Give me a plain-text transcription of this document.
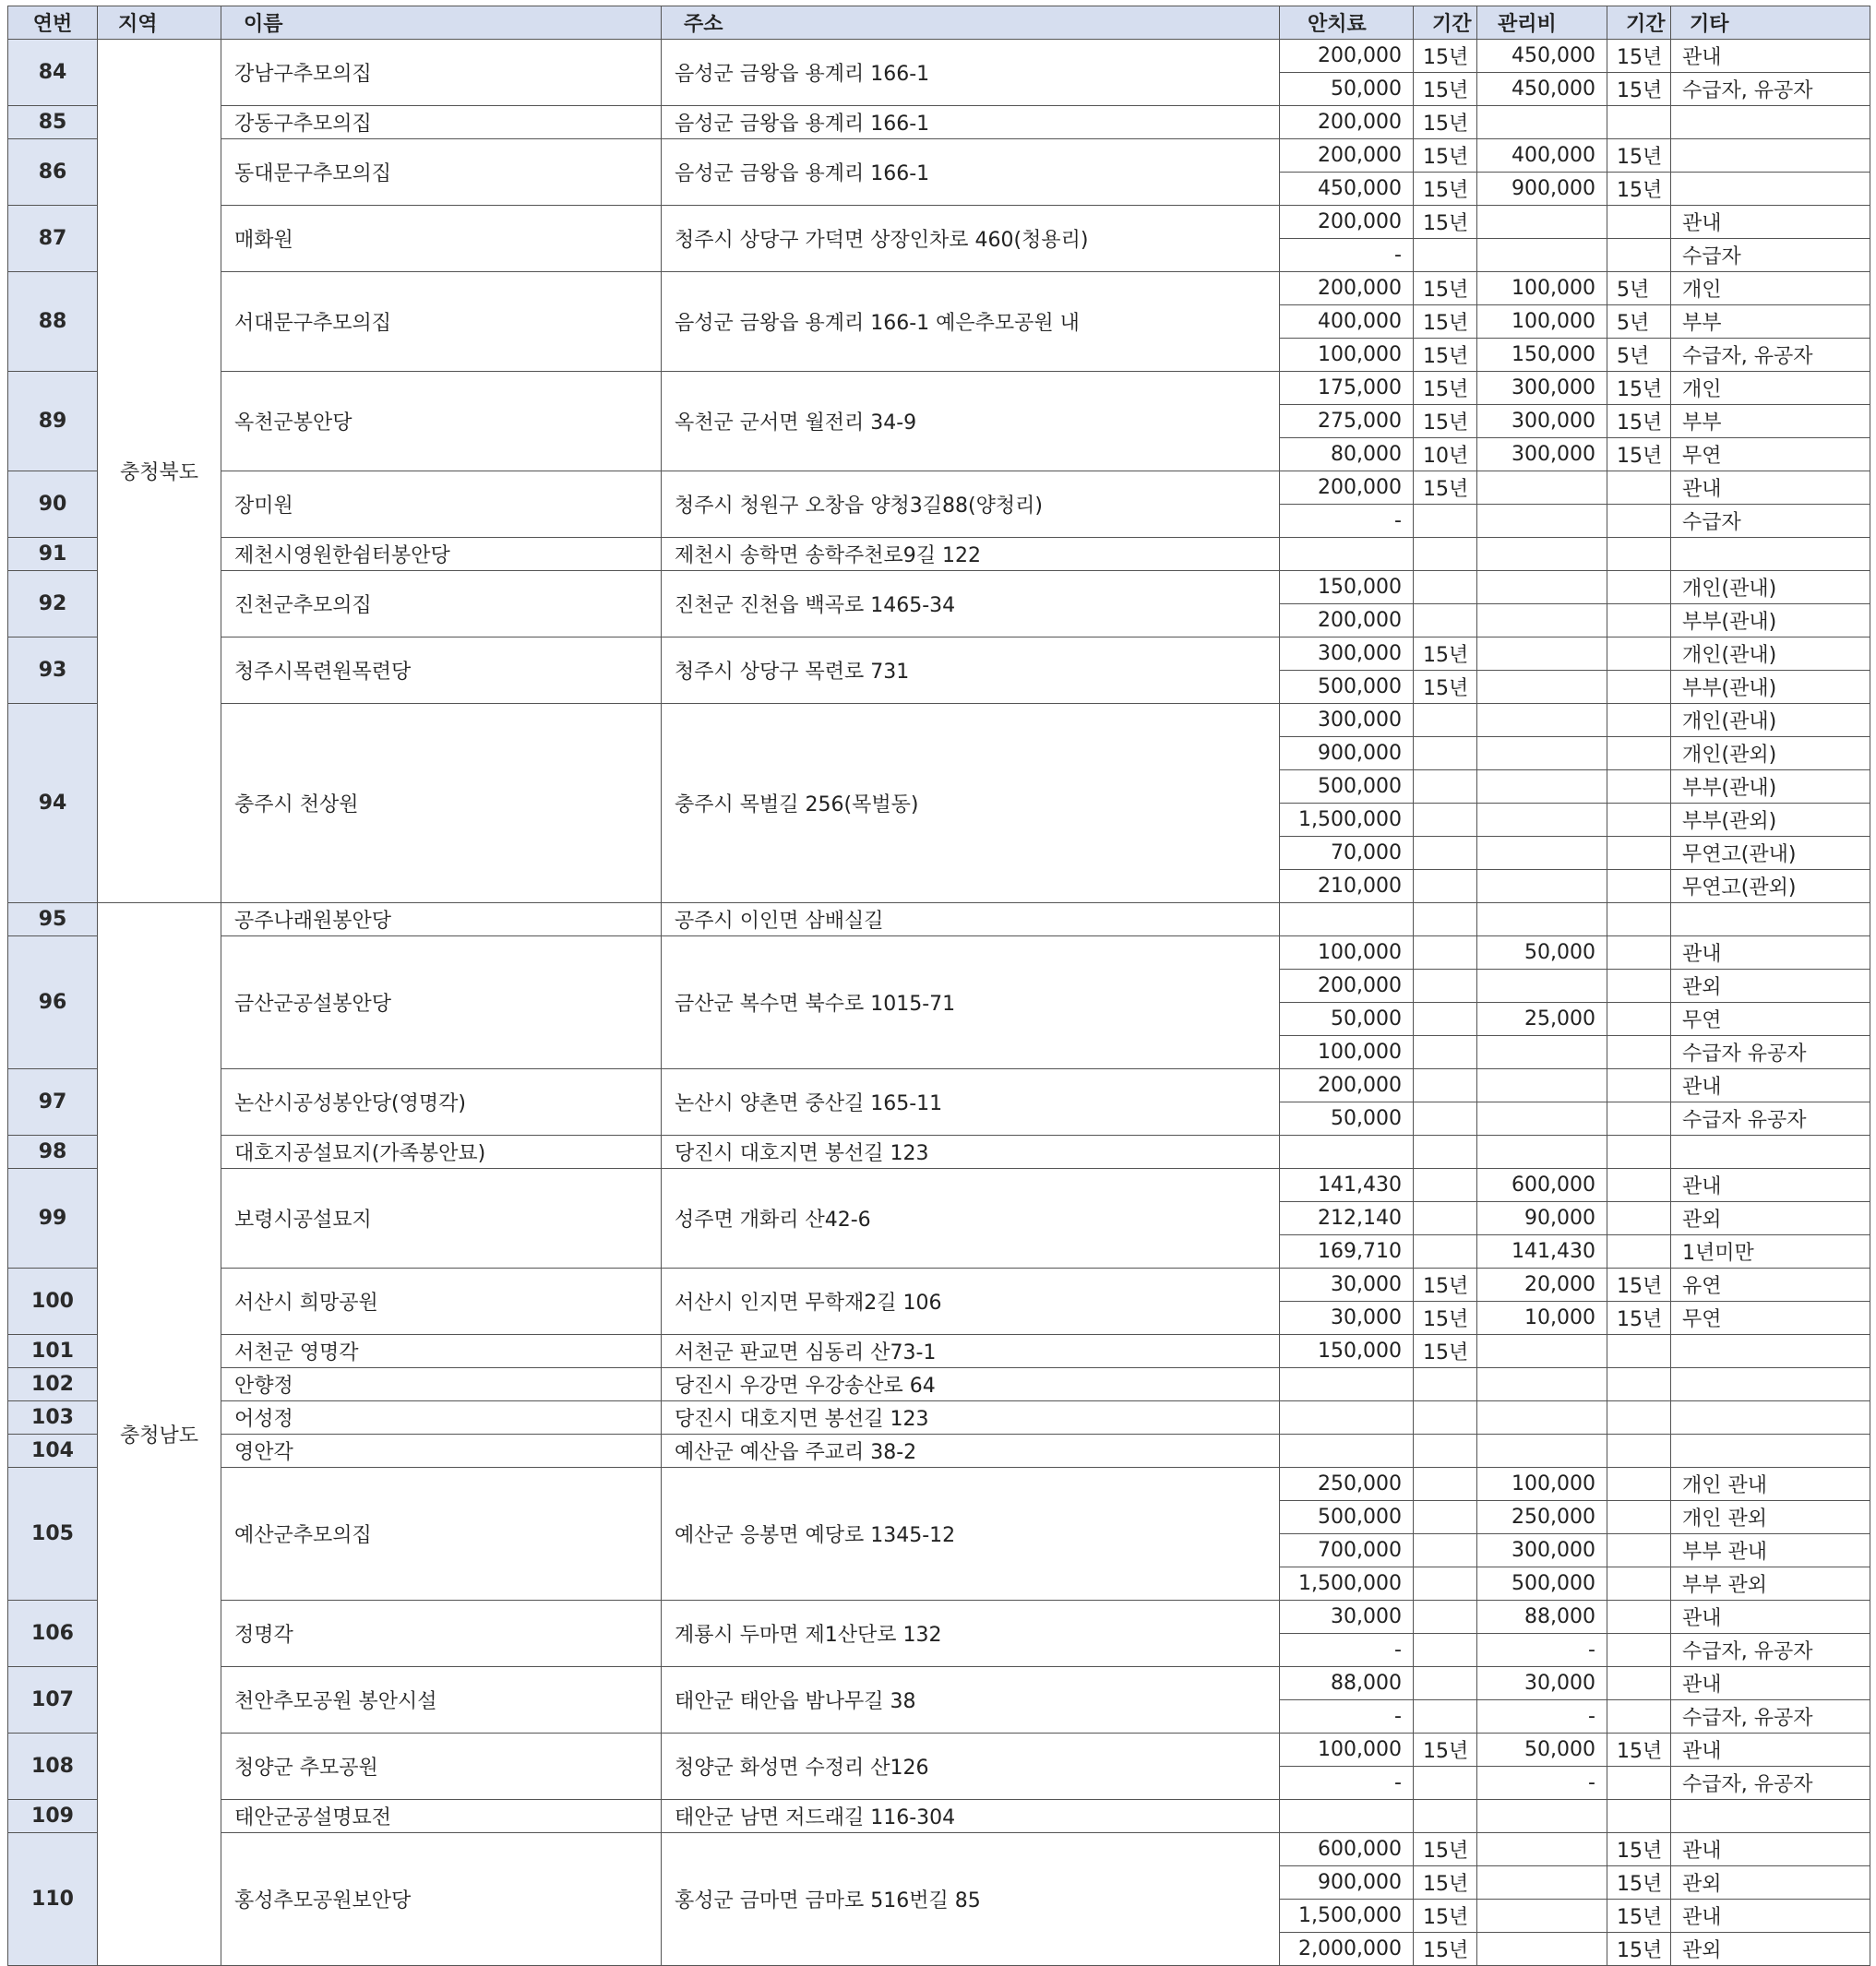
연번	지역	이름	주소	안치료	기간	관리비	기간	기타
84	충청북도	강남구추모의집	음성군 금왕읍 용계리 166-1	200,000	15년	450,000	15년	관내
				50,000	15년	450,000	15년	수급자, 유공자
85		강동구추모의집	음성군 금왕읍 용계리 166-1	200,000	15년			
86		동대문구추모의집	음성군 금왕읍 용계리 166-1	200,000	15년	400,000	15년	
				450,000	15년	900,000	15년	
87		매화원	청주시 상당구 가덕면 상장인차로 460(청용리)	200,000	15년			관내
				-				수급자
88		서대문구추모의집	음성군 금왕읍 용계리 166-1 예은추모공원 내	200,000	15년	100,000	5년	개인
				400,000	15년	100,000	5년	부부
				100,000	15년	150,000	5년	수급자, 유공자
89		옥천군봉안당	옥천군 군서면 월전리 34-9	175,000	15년	300,000	15년	개인
				275,000	15년	300,000	15년	부부
				80,000	10년	300,000	15년	무연
90		장미원	청주시 청원구 오창읍 양청3길88(양청리)	200,000	15년			관내
				-				수급자
91		제천시영원한쉼터봉안당	제천시 송학면 송학주천로9길 122					
92		진천군추모의집	진천군 진천읍 백곡로 1465-34	150,000				개인(관내)
				200,000				부부(관내)
93		청주시목련원목련당	청주시 상당구 목련로 731	300,000	15년			개인(관내)
				500,000	15년			부부(관내)
94		충주시 천상원	충주시 목벌길 256(목벌동)	300,000				개인(관내)
				900,000				개인(관외)
				500,000				부부(관내)
				1,500,000				부부(관외)
				70,000				무연고(관내)
				210,000				무연고(관외)
95	충청남도	공주나래원봉안당	공주시 이인면 삼배실길					
96		금산군공설봉안당	금산군 복수면 북수로 1015-71	100,000		50,000		관내
				200,000				관외
				50,000		25,000		무연
				100,000				수급자 유공자
97		논산시공성봉안당(영명각)	논산시 양촌면 중산길 165-11	200,000				관내
				50,000				수급자 유공자
98		대호지공설묘지(가족봉안묘)	당진시 대호지면 봉선길 123					
99		보령시공설묘지	성주면 개화리 산42-6	141,430		600,000		관내
				212,140		90,000		관외
				169,710		141,430		1년미만
100		서산시 희망공원	서산시 인지면 무학재2길 106	30,000	15년	20,000	15년	유연
				30,000	15년	10,000	15년	무연
101		서천군 영명각	서천군 판교면 심동리 산73-1	150,000	15년			
102		안향정	당진시 우강면 우강송산로 64					
103		어성정	당진시 대호지면 봉선길 123					
104		영안각	예산군 예산읍 주교리 38-2					
105		예산군추모의집	예산군 응봉면 예당로 1345-12	250,000		100,000		개인 관내
				500,000		250,000		개인 관외
				700,000		300,000		부부 관내
				1,500,000		500,000		부부 관외
106		정명각	계룡시 두마면 제1산단로 132	30,000		88,000		관내
				-		-		수급자, 유공자
107		천안추모공원 봉안시설	태안군 태안읍 밤나무길 38	88,000		30,000		관내
				-		-		수급자, 유공자
108		청양군 추모공원	청양군 화성면 수정리 산126	100,000	15년	50,000	15년	관내
				-		-		수급자, 유공자
109		태안군공설명묘전	태안군 남면 저드래길 116-304					
110		홍성추모공원보안당	홍성군 금마면 금마로 516번길 85	600,000	15년		15년	관내
				900,000	15년		15년	관외
				1,500,000	15년		15년	관내
				2,000,000	15년		15년	관외
